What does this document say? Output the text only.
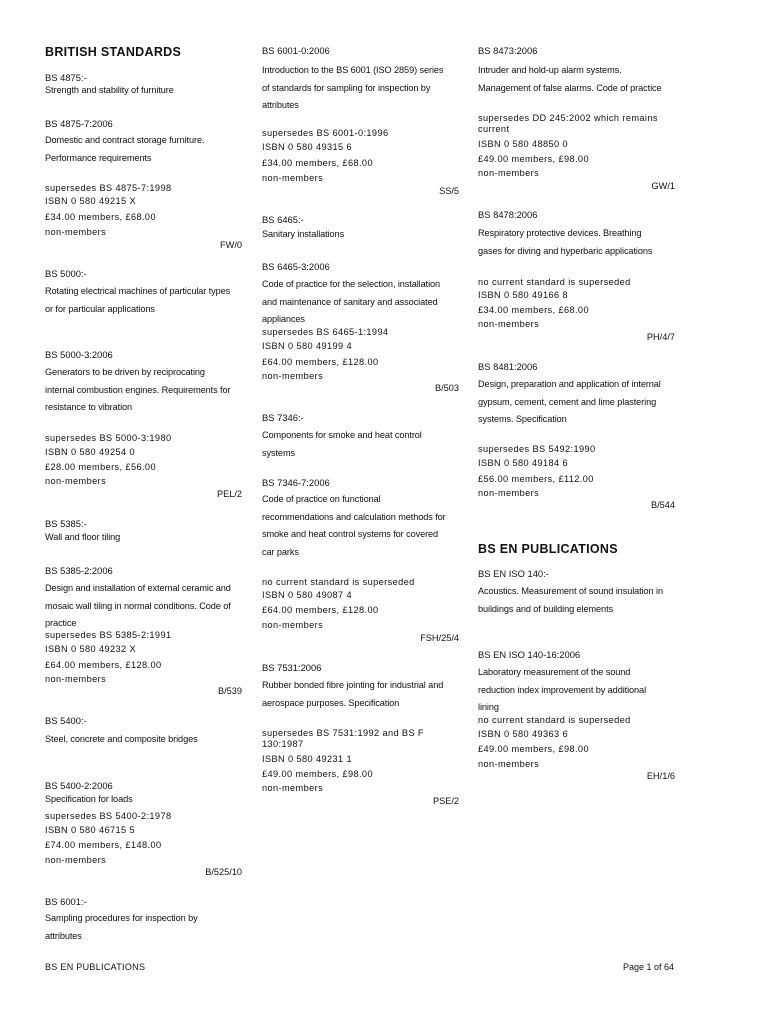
BRITISH STANDARDS
BS 4875:-
Strength and stability of furniture
BS 4875-7:2006
Domestic and contract storage furniture. Performance requirements
supersedes BS 4875-7:1998
ISBN 0 580 49215 X
£34.00 members, £68.00
non-members
FW/0
BS 5000:-
Rotating electrical machines of particular types or for particular applications
BS 5000-3:2006
Generators to be driven by reciprocating internal combustion engines. Requirements for resistance to vibration
supersedes BS 5000-3:1980
ISBN 0 580 49254 0
£28.00 members, £56.00
non-members
PEL/2
BS 5385:-
Wall and floor tiling
BS 5385-2:2006
Design and installation of external ceramic and mosaic wall tiling in normal conditions. Code of practice
supersedes BS 5385-2:1991
ISBN 0 580 49232 X
£64.00 members, £128.00
non-members
B/539
BS 5400:-
Steel, concrete and composite bridges
BS 5400-2:2006
Specification for loads
supersedes BS 5400-2:1978
ISBN 0 580 46715 5
£74.00 members, £148.00
non-members
B/525/10
BS 6001:-
Sampling procedures for inspection by attributes
BS 6001-0:2006
Introduction to the BS 6001 (ISO 2859) series of standards for sampling for inspection by attributes
supersedes BS 6001-0:1996
ISBN 0 580 49315 6
£34.00 members, £68.00
non-members
SS/5
BS 6465:-
Sanitary installations
BS 6465-3:2006
Code of practice for the selection, installation and maintenance of sanitary and associated appliances
supersedes BS 6465-1:1994
ISBN 0 580 49199 4
£64.00 members, £128.00
non-members
B/503
BS 7346:-
Components for smoke and heat control systems
BS 7346-7:2006
Code of practice on functional recommendations and calculation methods for smoke and heat control systems for covered car parks
no current standard is superseded
ISBN 0 580 49087 4
£64.00 members, £128.00
non-members
FSH/25/4
BS 7531:2006
Rubber bonded fibre jointing for industrial and aerospace purposes. Specification
supersedes BS 7531:1992 and BS F 130:1987
ISBN 0 580 49231 1
£49.00 members, £98.00
non-members
PSE/2
BS 8473:2006
Intruder and hold-up alarm systems. Management of false alarms. Code of practice
supersedes DD 245:2002 which remains current
ISBN 0 580 48850 0
£49.00 members, £98.00
non-members
GW/1
BS 8478:2006
Respiratory protective devices. Breathing gases for diving and hyperbaric applications
no current standard is superseded
ISBN 0 580 49166 8
£34.00 members, £68.00
non-members
PH/4/7
BS 8481:2006
Design, preparation and application of internal gypsum, cement, cement and lime plastering systems. Specification
supersedes BS 5492:1990
ISBN 0 580 49184 6
£56.00 members, £112.00
non-members
B/544
BS EN PUBLICATIONS
BS EN ISO 140:-
Acoustics. Measurement of sound insulation in buildings and of building elements
BS EN ISO 140-16:2006
Laboratory measurement of the sound reduction index improvement by additional lining
no current standard is superseded
ISBN 0 580 49363 6
£49.00 members, £98.00
non-members
EH/1/6
BS EN PUBLICATIONS	Page 1 of 64
